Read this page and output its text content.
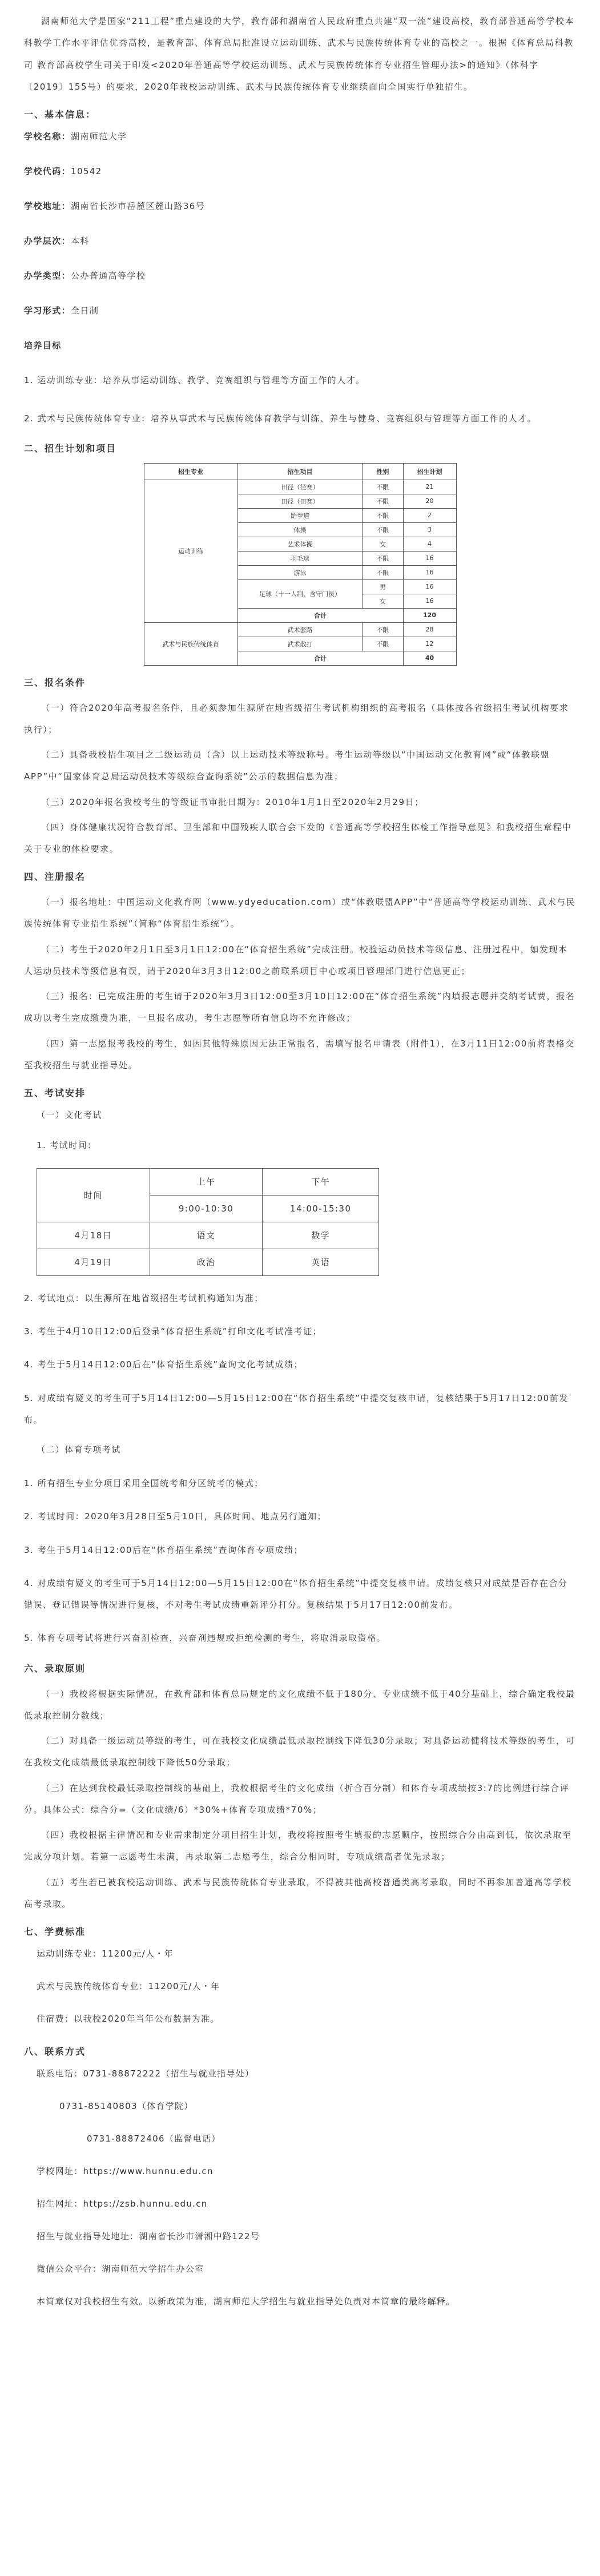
湖南师范大学是国家“211工程”重点建设的大学，教育部和湖南省人民政府重点共建“双一流”建设高校，教育部普通高等学校本科教学工作水平评估优秀高校，是教育部、体育总局批准设立运动训练、武术与民族传统体育专业的高校之一。根据《体育总局科教司 教育部高校学生司关于印发<2020年普通高等学校运动训练、武术与民族传统体育专业招生管理办法>的通知》（体科字〔2019〕155号）的要求，2020年我校运动训练、武术与民族传统体育专业继续面向全国实行单独招生。

一、基本信息：

学校名称：湖南师范大学

学校代码：10542

学校地址：湖南省长沙市岳麓区麓山路36号

办学层次：本科

办学类型：公办普通高等学校

学习形式：全日制

培养目标

1. 运动训练专业：培养从事运动训练、教学、竞赛组织与管理等方面工作的人才。

2. 武术与民族传统体育专业：培养从事武术与民族传统体育教学与训练、养生与健身、竞赛组织与管理等方面工作的人才。

二、招生计划和项目

招生专业	招生项目	性别	招生计划
运动训练	田径（径赛）	不限	21
	田径（田赛）	不限	20
	跆拳道	不限	2
	体操	不限	3
	艺术体操	女	4
	羽毛球	不限	16
	游泳	不限	16
	足球（十一人制，含守门员）	男	16
		女	16
	合计		120
武术与民族传统体育	武术套路	不限	28
	武术散打	不限	12
	合计		40

三、报名条件

（一）符合2020年高考报名条件，且必须参加生源所在地省级招生考试机构组织的高考报名（具体按各省级招生考试机构要求执行）；

（二）具备我校招生项目之二级运动员（含）以上运动技术等级称号。考生运动等级以“中国运动文化教育网”或“体教联盟APP”中“国家体育总局运动员技术等级综合查询系统”公示的数据信息为准；

（三）2020年报名我校考生的等级证书审批日期为：2010年1月1日至2020年2月29日；

（四）身体健康状况符合教育部、卫生部和中国残疾人联合会下发的《普通高等学校招生体检工作指导意见》和我校招生章程中关于专业的体检要求。

四、注册报名

（一）报名地址：中国运动文化教育网（www.ydyeducation.com）或“体教联盟APP”中“普通高等学校运动训练、武术与民族传统体育专业招生系统”（简称“体育招生系统”）。

（二）考生于2020年2月1日至3月1日12:00在“体育招生系统”完成注册。校验运动员技术等级信息、注册过程中，如发现本人运动员技术等级信息有误，请于2020年3月3日12:00之前联系项目中心或项目管理部门进行信息更正；

（三）报名：已完成注册的考生请于2020年3月3日12:00至3月10日12:00在“体育招生系统”内填报志愿并交纳考试费，报名成功以考生完成缴费为准，一旦报名成功，考生志愿等所有信息均不允许修改；

（四）第一志愿报考我校的考生，如因其他特殊原因无法正常报名，需填写报名申请表（附件1），在3月11日12:00前将表格交至我校招生与就业指导处。

五、考试安排

（一）文化考试

1. 考试时间：

时间	上午	下午
	9:00-10:30	14:00-15:30
4月18日	语文	数学
4月19日	政治	英语

2. 考试地点：以生源所在地省级招生考试机构通知为准；

3. 考生于4月10日12:00后登录“体育招生系统”打印文化考试准考证；

4. 考生于5月14日12:00后在“体育招生系统”查询文化考试成绩；

5. 对成绩有疑义的考生可于5月14日12:00—5月15日12:00在“体育招生系统”中提交复核申请，复核结果于5月17日12:00前发布。

（二）体育专项考试

1. 所有招生专业分项目采用全国统考和分区统考的模式；

2. 考试时间：2020年3月28日至5月10日，具体时间、地点另行通知；

3. 考生于5月14日12:00后在“体育招生系统”查询体育专项成绩；

4. 对成绩有疑义的考生可于5月14日12:00—5月15日12:00在“体育招生系统”中提交复核申请。成绩复核只对成绩是否存在合分错误、登记错误等情况进行复核，不对考生考试成绩重新评分打分。复核结果于5月17日12:00前发布。

5. 体育专项考试将进行兴奋剂检查，兴奋剂违规或拒绝检测的考生，将取消录取资格。

六、录取原则

（一）我校将根据实际情况，在教育部和体育总局规定的文化成绩不低于180分、专业成绩不低于40分基础上，综合确定我校最低录取控制分数线；

（二）对具备一级运动员等级的考生，可在我校文化成绩最低录取控制线下降低30分录取；对具备运动健将技术等级的考生，可在我校文化成绩最低录取控制线下降低50分录取；

（三）在达到我校最低录取控制线的基础上，我校根据考生的文化成绩（折合百分制）和体育专项成绩按3:7的比例进行综合评分。具体公式：综合分=（文化成绩/6）*30%+体育专项成绩*70%；

（四）我校根据主律情况和专业需求制定分项目招生计划，我校将按照考生填报的志愿顺序，按照综合分由高到低，依次录取至完成分项计划。若第一志愿考生未满，再录取第二志愿考生，综合分相同时，专项成绩高者优先录取；

（五）考生若已被我校运动训练、武术与民族传统体育专业录取，不得被其他高校普通类高考录取，同时不再参加普通高等学校高考录取。

七、学费标准

运动训练专业：11200元/人・年

武术与民族传统体育专业：11200元/人・年

住宿费：以我校2020年当年公布数据为准。

八、联系方式

联系电话：0731-88872222（招生与就业指导处）

0731-85140803（体育学院）

0731-88872406（监督电话）

学校网址：https://www.hunnu.edu.cn

招生网址：https://zsb.hunnu.edu.cn

招生与就业指导处地址：湖南省长沙市潇湘中路122号

微信公众平台：湖南师范大学招生办公室

本简章仅对我校招生有效。以新政策为准，湖南师范大学招生与就业指导处负责对本简章的最终解释。
